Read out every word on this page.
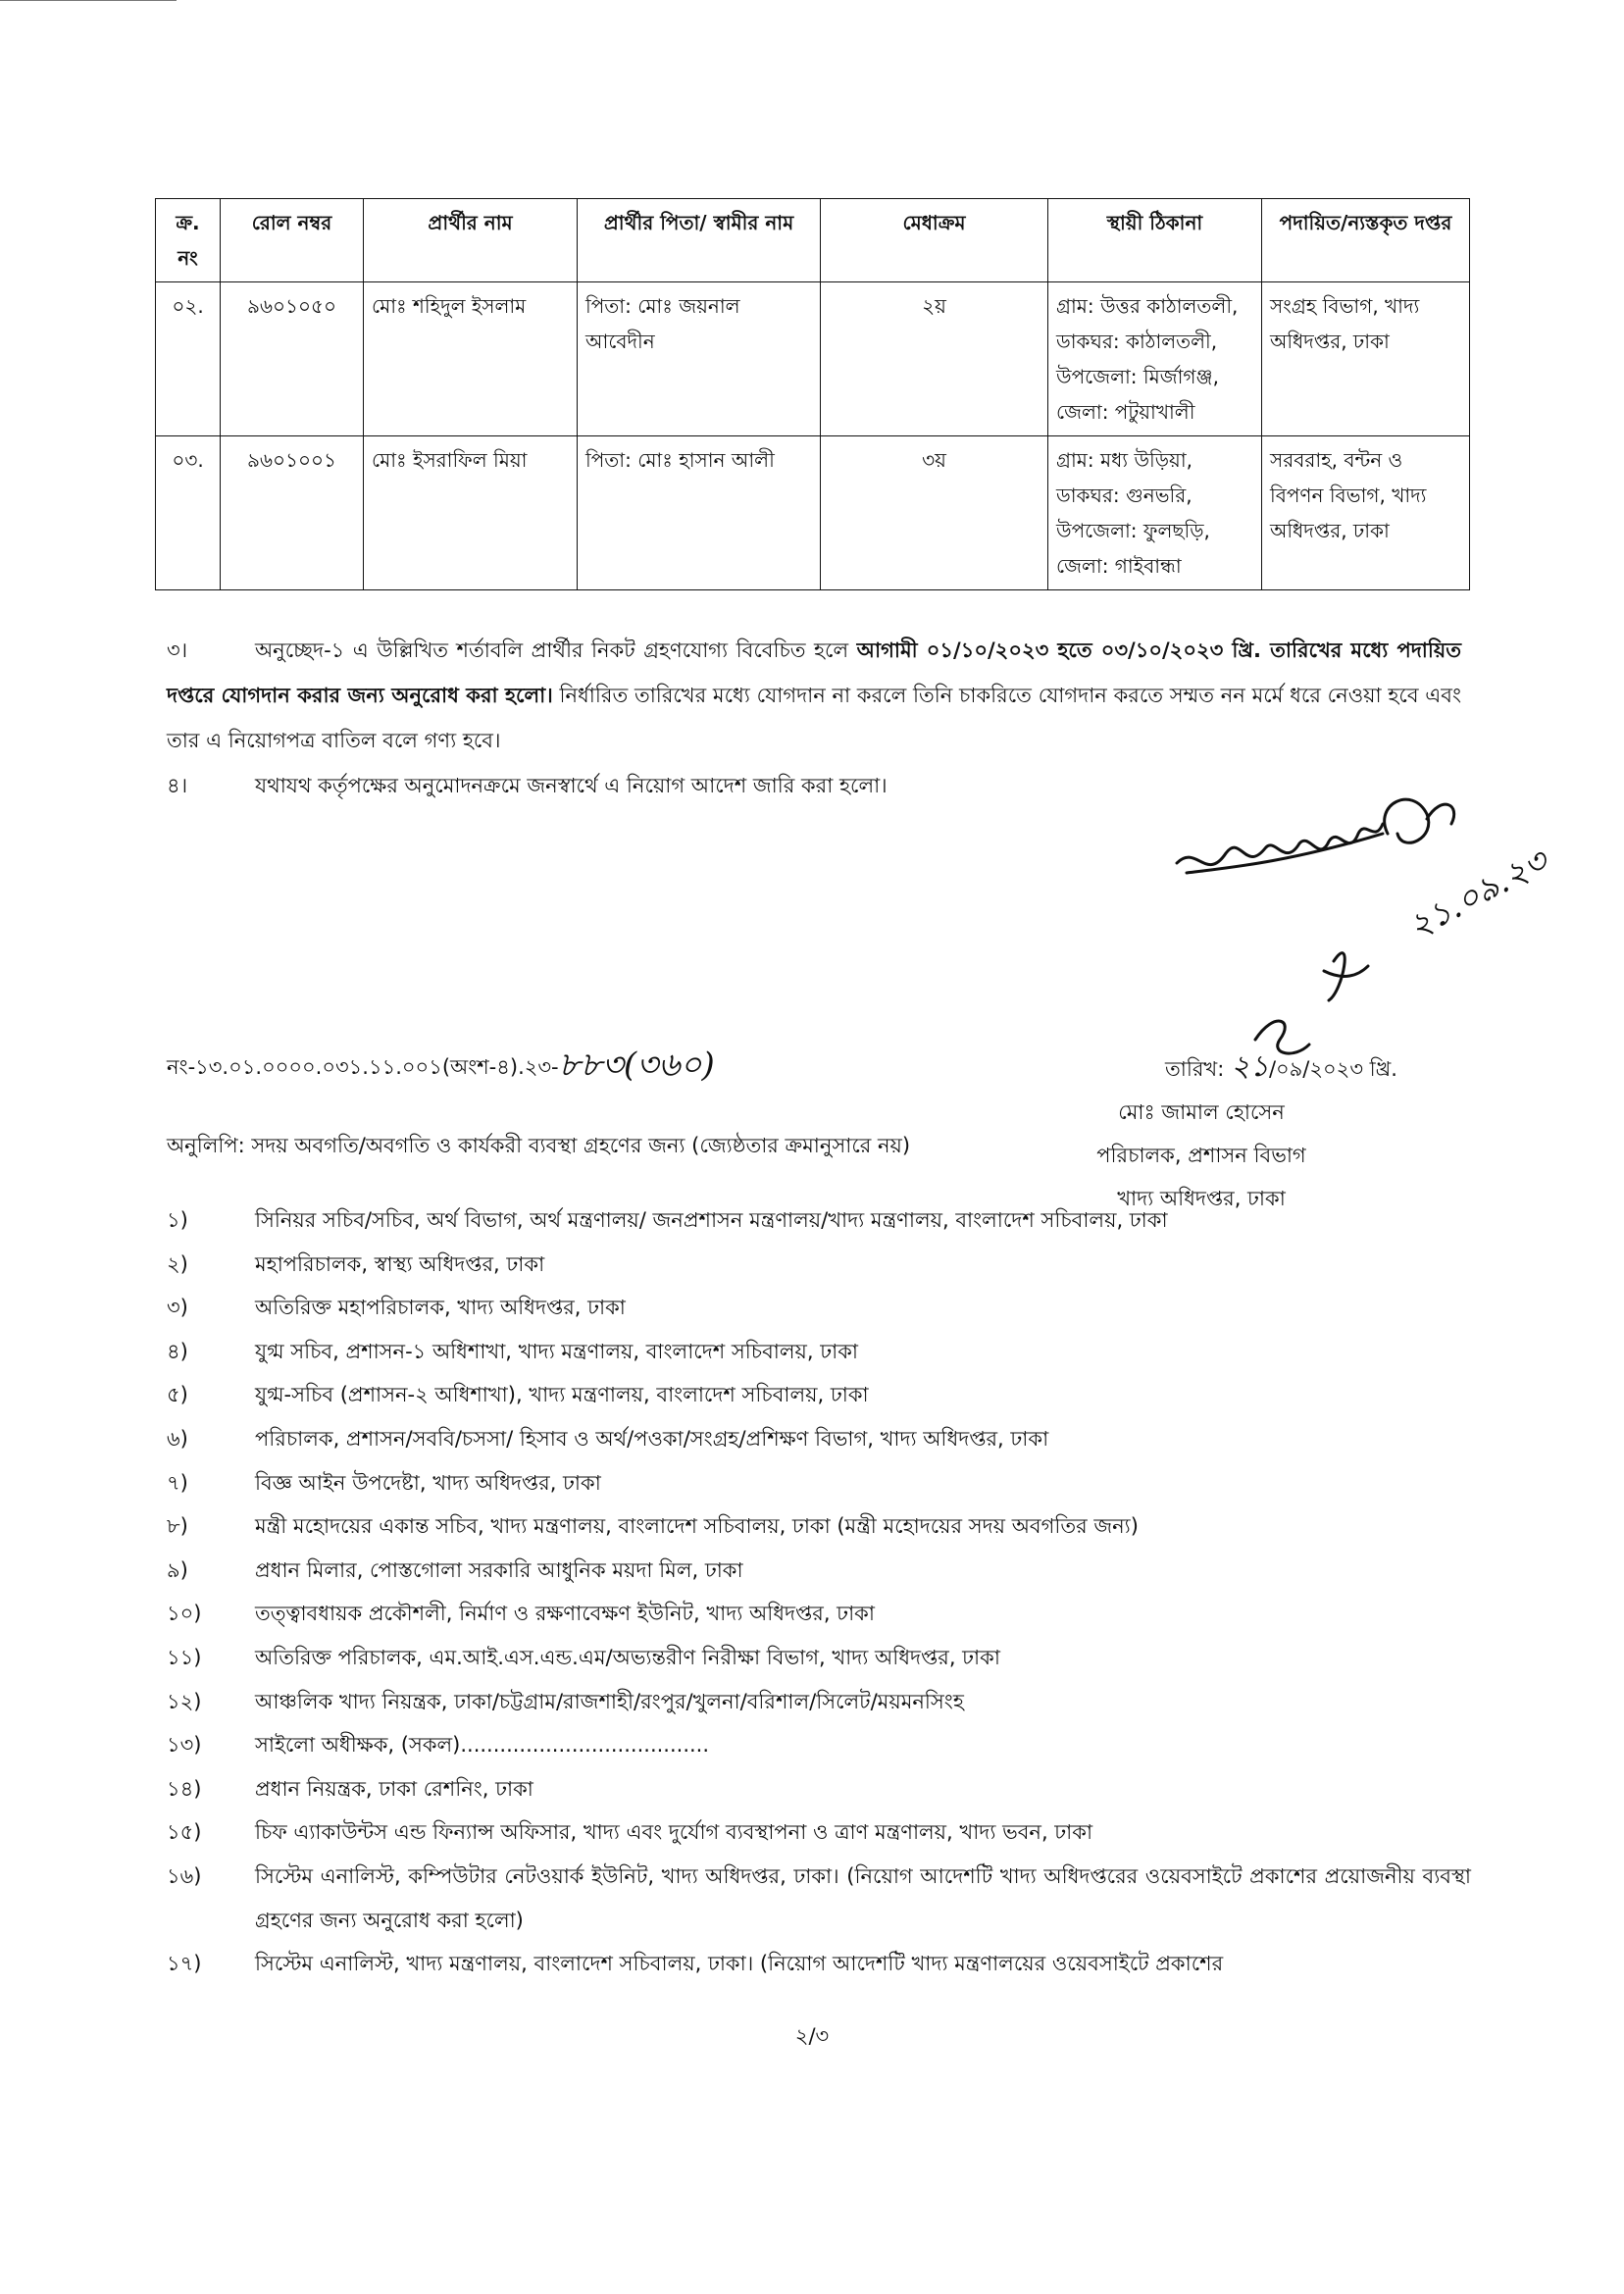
ক্র. নং	রোল নম্বর	প্রার্থীর নাম	প্রার্থীর পিতা/ স্বামীর নাম	মেধাক্রম	স্থায়ী ঠিকানা	পদায়িত/ন্যস্তকৃত দপ্তর
০২.	৯৬০১০৫০	মোঃ শহিদুল ইসলাম	পিতা: মোঃ জয়নাল আবেদীন	২য়	গ্রাম: উত্তর কাঠালতলী, ডাকঘর: কাঠালতলী, উপজেলা: মির্জাগঞ্জ, জেলা: পটুয়াখালী	সংগ্রহ বিভাগ, খাদ্য অধিদপ্তর, ঢাকা
০৩.	৯৬০১০০১	মোঃ ইসরাফিল মিয়া	পিতা: মোঃ হাসান আলী	৩য়	গ্রাম: মধ্য উড়িয়া, ডাকঘর: গুনভরি, উপজেলা: ফুলছড়ি, জেলা: গাইবান্ধা	সরবরাহ, বন্টন ও বিপণন বিভাগ, খাদ্য অধিদপ্তর, ঢাকা
৩।	অনুচ্ছেদ-১ এ উল্লিখিত শর্তাবলি প্রার্থীর নিকট গ্রহণযোগ্য বিবেচিত হলে আগামী ০১/১০/২০২৩ হতে ০৩/১০/২০২৩ খ্রি. তারিখের মধ্যে পদায়িত দপ্তরে যোগদান করার জন্য অনুরোধ করা হলো। নির্ধারিত তারিখের মধ্যে যোগদান না করলে তিনি চাকরিতে যোগদান করতে সম্মত নন মর্মে ধরে নেওয়া হবে এবং তার এ নিয়োগপত্র বাতিল বলে গণ্য হবে।
৪।	যথাযথ কর্তৃপক্ষের অনুমোদনক্রমে জনস্বার্থে এ নিয়োগ আদেশ জারি করা হলো।
২১.০৯.২৩
মোঃ জামাল হোসেন
পরিচালক, প্রশাসন বিভাগ
খাদ্য অধিদপ্তর, ঢাকা
নং-১৩.০১.০০০০.০৩১.১১.০০১(অংশ-৪).২৩-৮৮৩(৩৬০)	তারিখ: ২১/০৯/২০২৩ খ্রি.
অনুলিপি: সদয় অবগতি/অবগতি ও কার্যকরী ব্যবস্থা গ্রহণের জন্য (জ্যেষ্ঠতার ক্রমানুসারে নয়)
১)	সিনিয়র সচিব/সচিব, অর্থ বিভাগ, অর্থ মন্ত্রণালয়/ জনপ্রশাসন মন্ত্রণালয়/খাদ্য মন্ত্রণালয়, বাংলাদেশ সচিবালয়, ঢাকা
২)	মহাপরিচালক, স্বাস্থ্য অধিদপ্তর, ঢাকা
৩)	অতিরিক্ত মহাপরিচালক, খাদ্য অধিদপ্তর, ঢাকা
৪)	যুগ্ম সচিব, প্রশাসন-১ অধিশাখা, খাদ্য মন্ত্রণালয়, বাংলাদেশ সচিবালয়, ঢাকা
৫)	যুগ্ম-সচিব (প্রশাসন-২ অধিশাখা), খাদ্য মন্ত্রণালয়, বাংলাদেশ সচিবালয়, ঢাকা
৬)	পরিচালক, প্রশাসন/সববি/চসসা/ হিসাব ও অর্থ/পওকা/সংগ্রহ/প্রশিক্ষণ বিভাগ, খাদ্য অধিদপ্তর, ঢাকা
৭)	বিজ্ঞ আইন উপদেষ্টা, খাদ্য অধিদপ্তর, ঢাকা
৮)	মন্ত্রী মহোদয়ের একান্ত সচিব, খাদ্য মন্ত্রণালয়, বাংলাদেশ সচিবালয়, ঢাকা (মন্ত্রী মহোদয়ের সদয় অবগতির জন্য)
৯)	প্রধান মিলার, পোস্তগোলা সরকারি আধুনিক ময়দা মিল, ঢাকা
১০)	তত্ত্বাবধায়ক প্রকৌশলী, নির্মাণ ও রক্ষণাবেক্ষণ ইউনিট, খাদ্য অধিদপ্তর, ঢাকা
১১)	অতিরিক্ত পরিচালক, এম.আই.এস.এন্ড.এম/অভ্যন্তরীণ নিরীক্ষা বিভাগ, খাদ্য অধিদপ্তর, ঢাকা
১২)	আঞ্চলিক খাদ্য নিয়ন্ত্রক, ঢাকা/চট্টগ্রাম/রাজশাহী/রংপুর/খুলনা/বরিশাল/সিলেট/ময়মনসিংহ
১৩)	সাইলো অধীক্ষক, (সকল)......................................
১৪)	প্রধান নিয়ন্ত্রক, ঢাকা রেশনিং, ঢাকা
১৫)	চিফ এ্যাকাউন্টস এন্ড ফিন্যান্স অফিসার, খাদ্য এবং দুর্যোগ ব্যবস্থাপনা ও ত্রাণ মন্ত্রণালয়, খাদ্য ভবন, ঢাকা
১৬)	সিস্টেম এনালিস্ট, কম্পিউটার নেটওয়ার্ক ইউনিট, খাদ্য অধিদপ্তর, ঢাকা। (নিয়োগ আদেশটি খাদ্য অধিদপ্তরের ওয়েবসাইটে প্রকাশের প্রয়োজনীয় ব্যবস্থা গ্রহণের জন্য অনুরোধ করা হলো)
১৭)	সিস্টেম এনালিস্ট, খাদ্য মন্ত্রণালয়, বাংলাদেশ সচিবালয়, ঢাকা। (নিয়োগ আদেশটি খাদ্য মন্ত্রণালয়ের ওয়েবসাইটে প্রকাশের
২/৩
